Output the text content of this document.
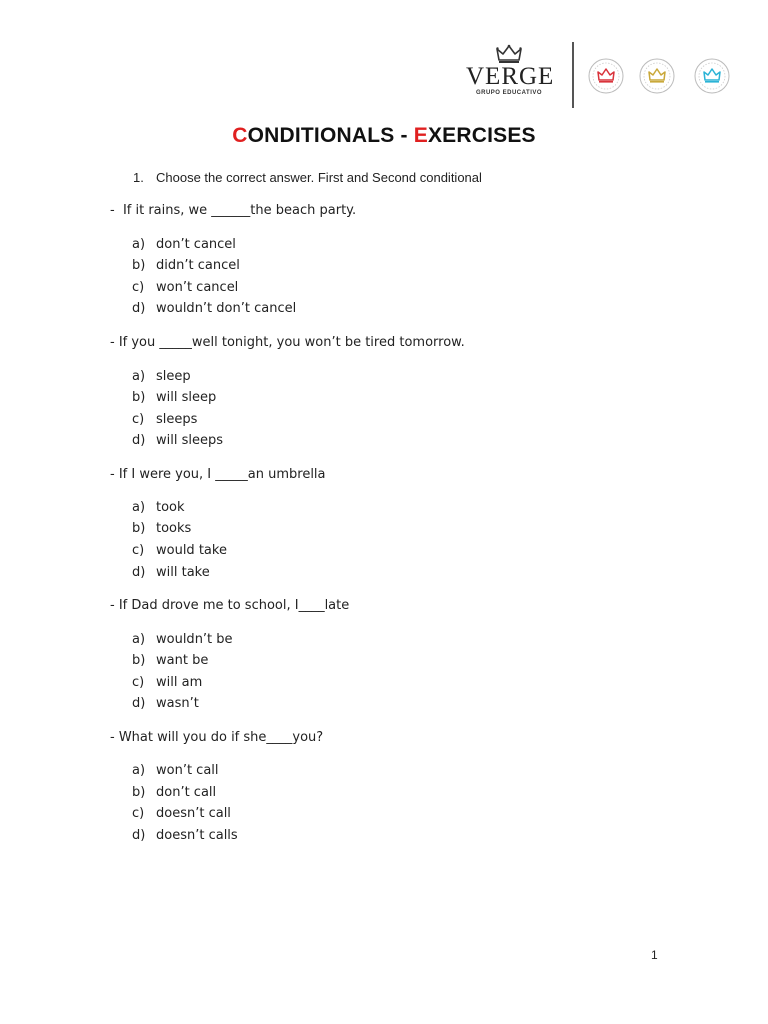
VERGE
GRUPO EDUCATIVO
CONDITIONALS - EXERCISES
1. Choose the correct answer. First and Second conditional
-  If it rains, we ______the beach party.
a) don’t cancel
b) didn’t cancel
c) won’t cancel
d) wouldn’t don’t cancel
- If you _____well tonight, you won’t be tired tomorrow.
a) sleep
b) will sleep
c) sleeps
d) will sleeps
- If I were you, I _____an umbrella
a) took
b) tooks
c) would take
d) will take
- If Dad drove me to school, I____late
a) wouldn’t be
b) want be
c) will am
d) wasn’t
- What will you do if she____you?
a) won’t call
b) don’t call
c) doesn’t call
d) doesn’t calls
1
